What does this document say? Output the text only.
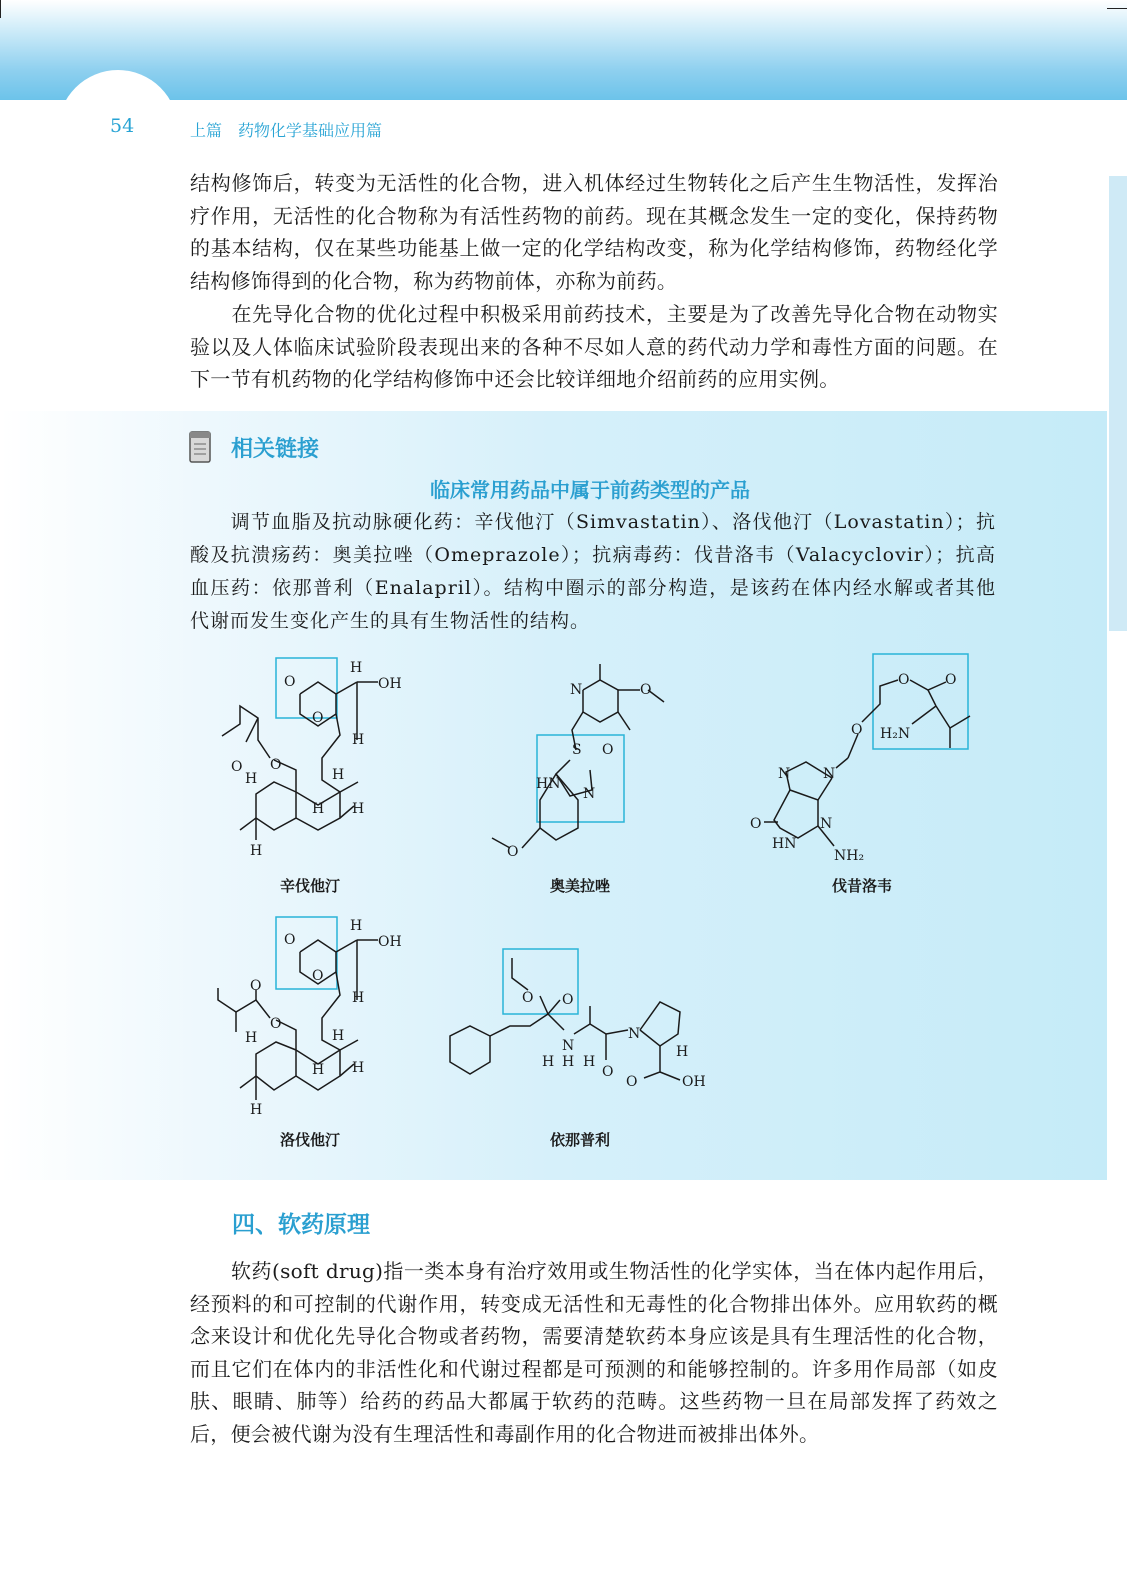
54	上篇　药物化学基础应用篇

结构修饰后，转变为无活性的化合物，进入机体经过生物转化之后产生生物活性，发挥治疗作用，无活性的化合物称为有活性药物的前药。现在其概念发生一定的变化，保持药物的基本结构，仅在某些功能基上做一定的化学结构改变，称为化学结构修饰，药物经化学结构修饰得到的化合物，称为药物前体，亦称为前药。

　　在先导化合物的优化过程中积极采用前药技术，主要是为了改善先导化合物在动物实验以及人体临床试验阶段表现出来的各种不尽如人意的药代动力学和毒性方面的问题。在下一节有机药物的化学结构修饰中还会比较详细地介绍前药的应用实例。

相关链接
临床常用药品中属于前药类型的产品

　　调节血脂及抗动脉硬化药：辛伐他汀（Simvastatin）、洛伐他汀（Lovastatin）；抗酸及抗溃疡药：奥美拉唑（Omeprazole）；抗病毒药：伐昔洛韦（Valacyclovir）；抗高血压药：依那普利（Enalapril）。结构中圈示的部分构造，是该药在体内经水解或者其他代谢而发生变化产生的具有生物活性的结构。

O
O
H
OH
H
O O
H	H
H H
H
N	O
S O
HN
N
O
O	O
O H₂N
N N
N
O
HN
NH₂
O
O
H
OH
H
O
O
H	H
H H
H
O O
N
H H H
O
N
H
O	OH
辛伐他汀	奥美拉唑	伐昔洛韦
洛伐他汀	依那普利
四、软药原理

　　软药(soft drug)指一类本身有治疗效用或生物活性的化学实体，当在体内起作用后，经预料的和可控制的代谢作用，转变成无活性和无毒性的化合物排出体外。应用软药的概念来设计和优化先导化合物或者药物，需要清楚软药本身应该是具有生理活性的化合物，而且它们在体内的非活性化和代谢过程都是可预测的和能够控制的。许多用作局部（如皮肤、眼睛、肺等）给药的药品大都属于软药的范畴。这些药物一旦在局部发挥了药效之后，便会被代谢为没有生理活性和毒副作用的化合物进而被排出体外。
